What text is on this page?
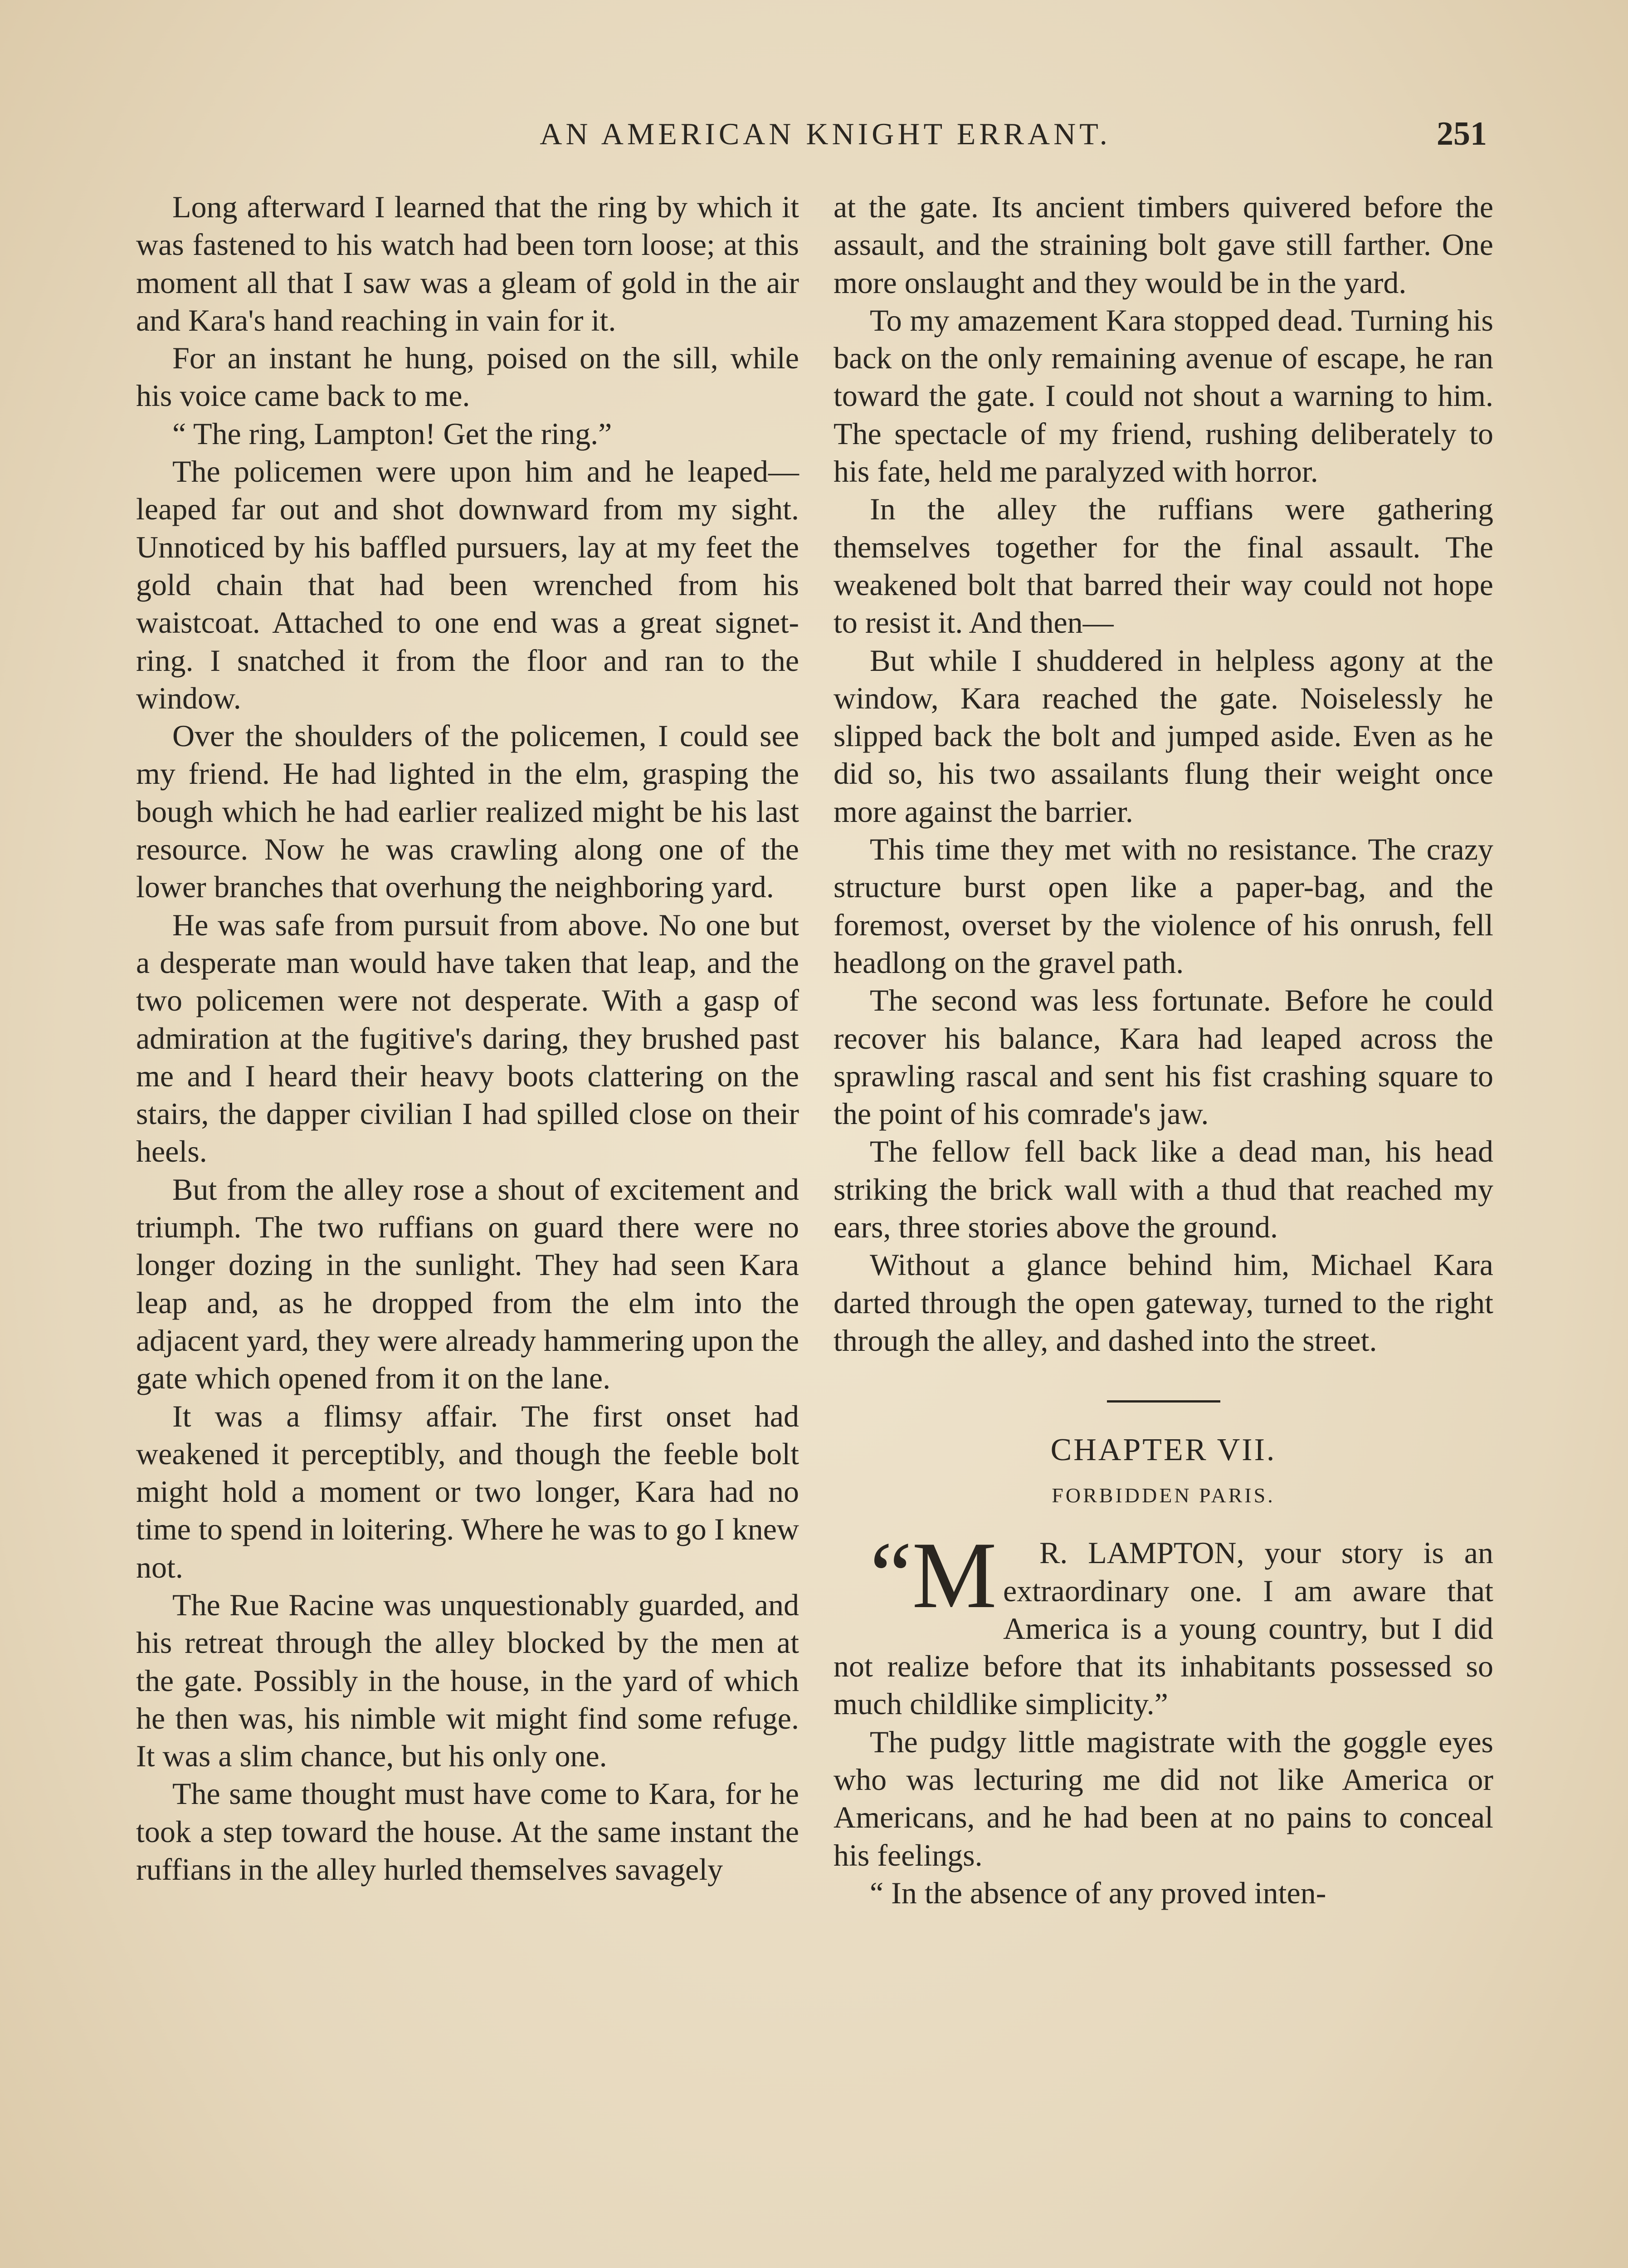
AN AMERICAN KNIGHT ERRANT.	251

Long afterward I learned that the ring by which it was fastened to his watch had been torn loose; at this moment all that I saw was a gleam of gold in the air and Kara's hand reaching in vain for it.

For an instant he hung, poised on the sill, while his voice came back to me.

“ The ring, Lampton! Get the ring.”

The policemen were upon him and he leaped—leaped far out and shot downward from my sight. Unnoticed by his baffled pursuers, lay at my feet the gold chain that had been wrenched from his waistcoat. Attached to one end was a great signet-ring. I snatched it from the floor and ran to the window.

Over the shoulders of the policemen, I could see my friend. He had lighted in the elm, grasping the bough which he had earlier realized might be his last resource. Now he was crawling along one of the lower branches that overhung the neighboring yard.

He was safe from pursuit from above. No one but a desperate man would have taken that leap, and the two policemen were not desperate. With a gasp of admiration at the fugitive's daring, they brushed past me and I heard their heavy boots clattering on the stairs, the dapper civilian I had spilled close on their heels.

But from the alley rose a shout of excitement and triumph. The two ruffians on guard there were no longer dozing in the sunlight. They had seen Kara leap and, as he dropped from the elm into the adjacent yard, they were already hammering upon the gate which opened from it on the lane.

It was a flimsy affair. The first onset had weakened it perceptibly, and though the feeble bolt might hold a moment or two longer, Kara had no time to spend in loitering. Where he was to go I knew not.

The Rue Racine was unquestionably guarded, and his retreat through the alley blocked by the men at the gate. Possibly in the house, in the yard of which he then was, his nimble wit might find some refuge. It was a slim chance, but his only one.

The same thought must have come to Kara, for he took a step toward the house. At the same instant the ruffians in the alley hurled themselves savagely

at the gate. Its ancient timbers quivered before the assault, and the straining bolt gave still farther. One more onslaught and they would be in the yard.

To my amazement Kara stopped dead. Turning his back on the only remaining avenue of escape, he ran toward the gate. I could not shout a warning to him. The spectacle of my friend, rushing deliberately to his fate, held me paralyzed with horror.

In the alley the ruffians were gathering themselves together for the final assault. The weakened bolt that barred their way could not hope to resist it. And then—

But while I shuddered in helpless agony at the window, Kara reached the gate. Noiselessly he slipped back the bolt and jumped aside. Even as he did so, his two assailants flung their weight once more against the barrier.

This time they met with no resistance. The crazy structure burst open like a paper-bag, and the foremost, overset by the violence of his onrush, fell headlong on the gravel path.

The second was less fortunate. Before he could recover his balance, Kara had leaped across the sprawling rascal and sent his fist crashing square to the point of his comrade's jaw.

The fellow fell back like a dead man, his head striking the brick wall with a thud that reached my ears, three stories above the ground.

Without a glance behind him, Michael Kara darted through the open gateway, turned to the right through the alley, and dashed into the street.

CHAPTER VII.
FORBIDDEN PARIS.

“M R. LAMPTON, your story is an extraordinary one. I am aware that America is a young country, but I did not realize before that its inhabitants possessed so much childlike simplicity.”

The pudgy little magistrate with the goggle eyes who was lecturing me did not like America or Americans, and he had been at no pains to conceal his feelings.

“ In the absence of any proved inten-
